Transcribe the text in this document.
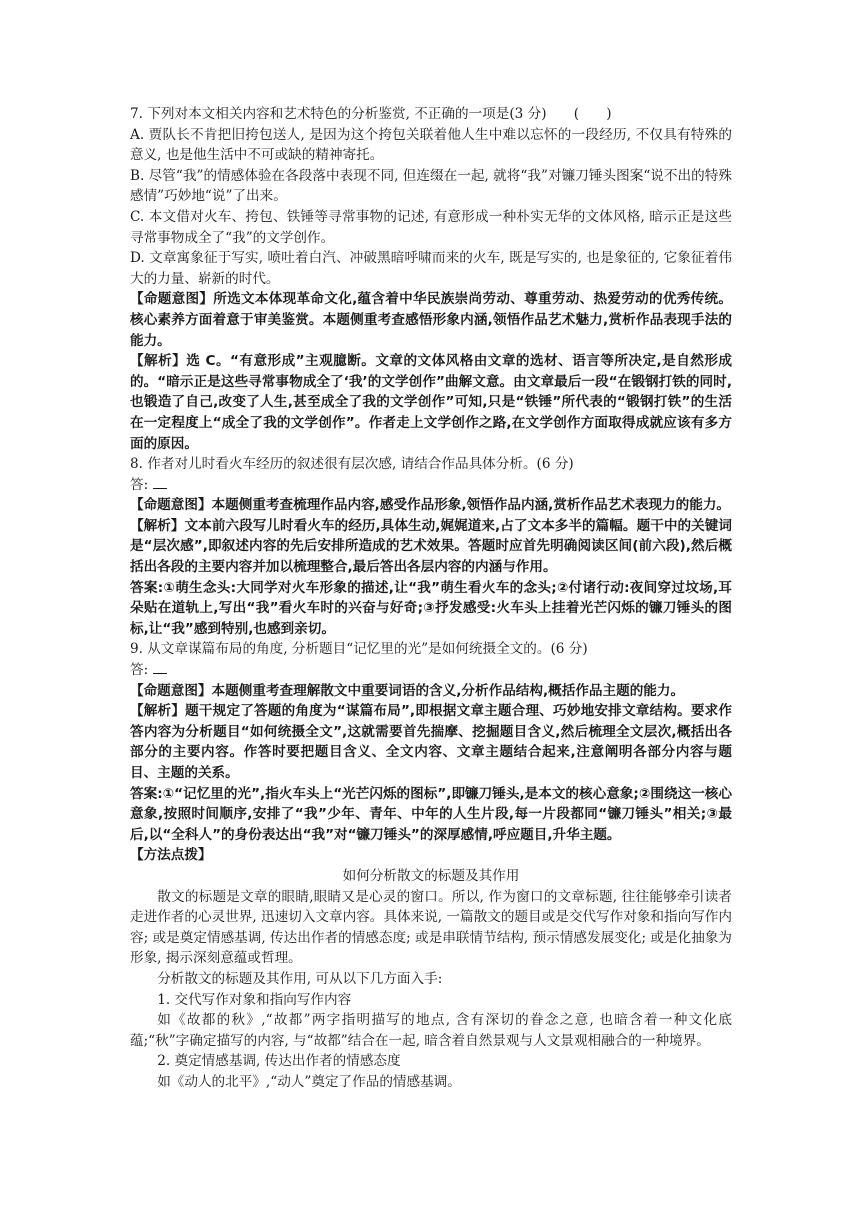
7. 下列对本文相关内容和艺术特色的分析鉴赏, 不正确的一项是(3 分)　　(　　)

A. 贾队长不肯把旧挎包送人, 是因为这个挎包关联着他人生中难以忘怀的一段经历, 不仅具有特殊的意义, 也是他生活中不可或缺的精神寄托。

B. 尽管“我”的情感体验在各段落中表现不同, 但连缀在一起, 就将“我”对镰刀锤头图案“说不出的特殊感情”巧妙地“说”了出来。

C. 本文借对火车、挎包、铁锤等寻常事物的记述, 有意形成一种朴实无华的文体风格, 暗示正是这些寻常事物成全了“我”的文学创作。

D. 文章寓象征于写实, 喷吐着白汽、冲破黑暗呼啸而来的火车, 既是写实的, 也是象征的, 它象征着伟大的力量、崭新的时代。

【命题意图】所选文本体现革命文化,蕴含着中华民族崇尚劳动、尊重劳动、热爱劳动的优秀传统。核心素养方面着意于审美鉴赏。本题侧重考查感悟形象内涵,领悟作品艺术魅力,赏析作品表现手法的能力。

【解析】选 C。“有意形成”主观臆断。文章的文体风格由文章的选材、语言等所决定,是自然形成的。“暗示正是这些寻常事物成全了‘我’的文学创作”曲解文意。由文章最后一段“在锻钢打铁的同时,也锻造了自己,改变了人生,甚至成全了我的文学创作”可知,只是“铁锤”所代表的“锻钢打铁”的生活在一定程度上“成全了我的文学创作”。作者走上文学创作之路,在文学创作方面取得成就应该有多方面的原因。

8. 作者对儿时看火车经历的叙述很有层次感, 请结合作品具体分析。(6 分)

答:

【命题意图】本题侧重考查梳理作品内容,感受作品形象,领悟作品内涵,赏析作品艺术表现力的能力。

【解析】文本前六段写儿时看火车的经历,具体生动,娓娓道来,占了文本多半的篇幅。题干中的关键词是“层次感”,即叙述内容的先后安排所造成的艺术效果。答题时应首先明确阅读区间(前六段),然后概括出各段的主要内容并加以梳理整合,最后答出各层内容的内涵与作用。

答案:①萌生念头:大同学对火车形象的描述,让“我”萌生看火车的念头;②付诸行动:夜间穿过坟场,耳朵贴在道轨上,写出“我”看火车时的兴奋与好奇;③抒发感受:火车头上挂着光芒闪烁的镰刀锤头的图标,让“我”感到特别,也感到亲切。

9. 从文章谋篇布局的角度, 分析题目“记忆里的光”是如何统摄全文的。(6 分)

答:

【命题意图】本题侧重考查理解散文中重要词语的含义,分析作品结构,概括作品主题的能力。

【解析】题干规定了答题的角度为“谋篇布局”,即根据文章主题合理、巧妙地安排文章结构。要求作答内容为分析题目“如何统摄全文”,这就需要首先揣摩、挖掘题目含义,然后梳理全文层次,概括出各部分的主要内容。作答时要把题目含义、全文内容、文章主题结合起来,注意阐明各部分内容与题目、主题的关系。

答案:①“记忆里的光”,指火车头上“光芒闪烁的图标”,即镰刀锤头,是本文的核心意象;②围绕这一核心意象,按照时间顺序,安排了“我”少年、青年、中年的人生片段,每一片段都同“镰刀锤头”相关;③最后,以“全科人”的身份表达出“我”对“镰刀锤头”的深厚感情,呼应题目,升华主题。

【方法点拨】

如何分析散文的标题及其作用

散文的标题是文章的眼睛,眼睛又是心灵的窗口。所以, 作为窗口的文章标题, 往往能够牵引读者走进作者的心灵世界, 迅速切入文章内容。具体来说, 一篇散文的题目或是交代写作对象和指向写作内容; 或是奠定情感基调, 传达出作者的情感态度; 或是串联情节结构, 预示情感发展变化; 或是化抽象为形象, 揭示深刻意蕴或哲理。

分析散文的标题及其作用, 可从以下几方面入手:

1. 交代写作对象和指向写作内容

如《故都的秋》,“故都”两字指明描写的地点, 含有深切的眷念之意, 也暗含着一种文化底蕴;“秋”字确定描写的内容, 与“故都”结合在一起, 暗含着自然景观与人文景观相融合的一种境界。

2. 奠定情感基调, 传达出作者的情感态度

如《动人的北平》,“动人”奠定了作品的情感基调。
